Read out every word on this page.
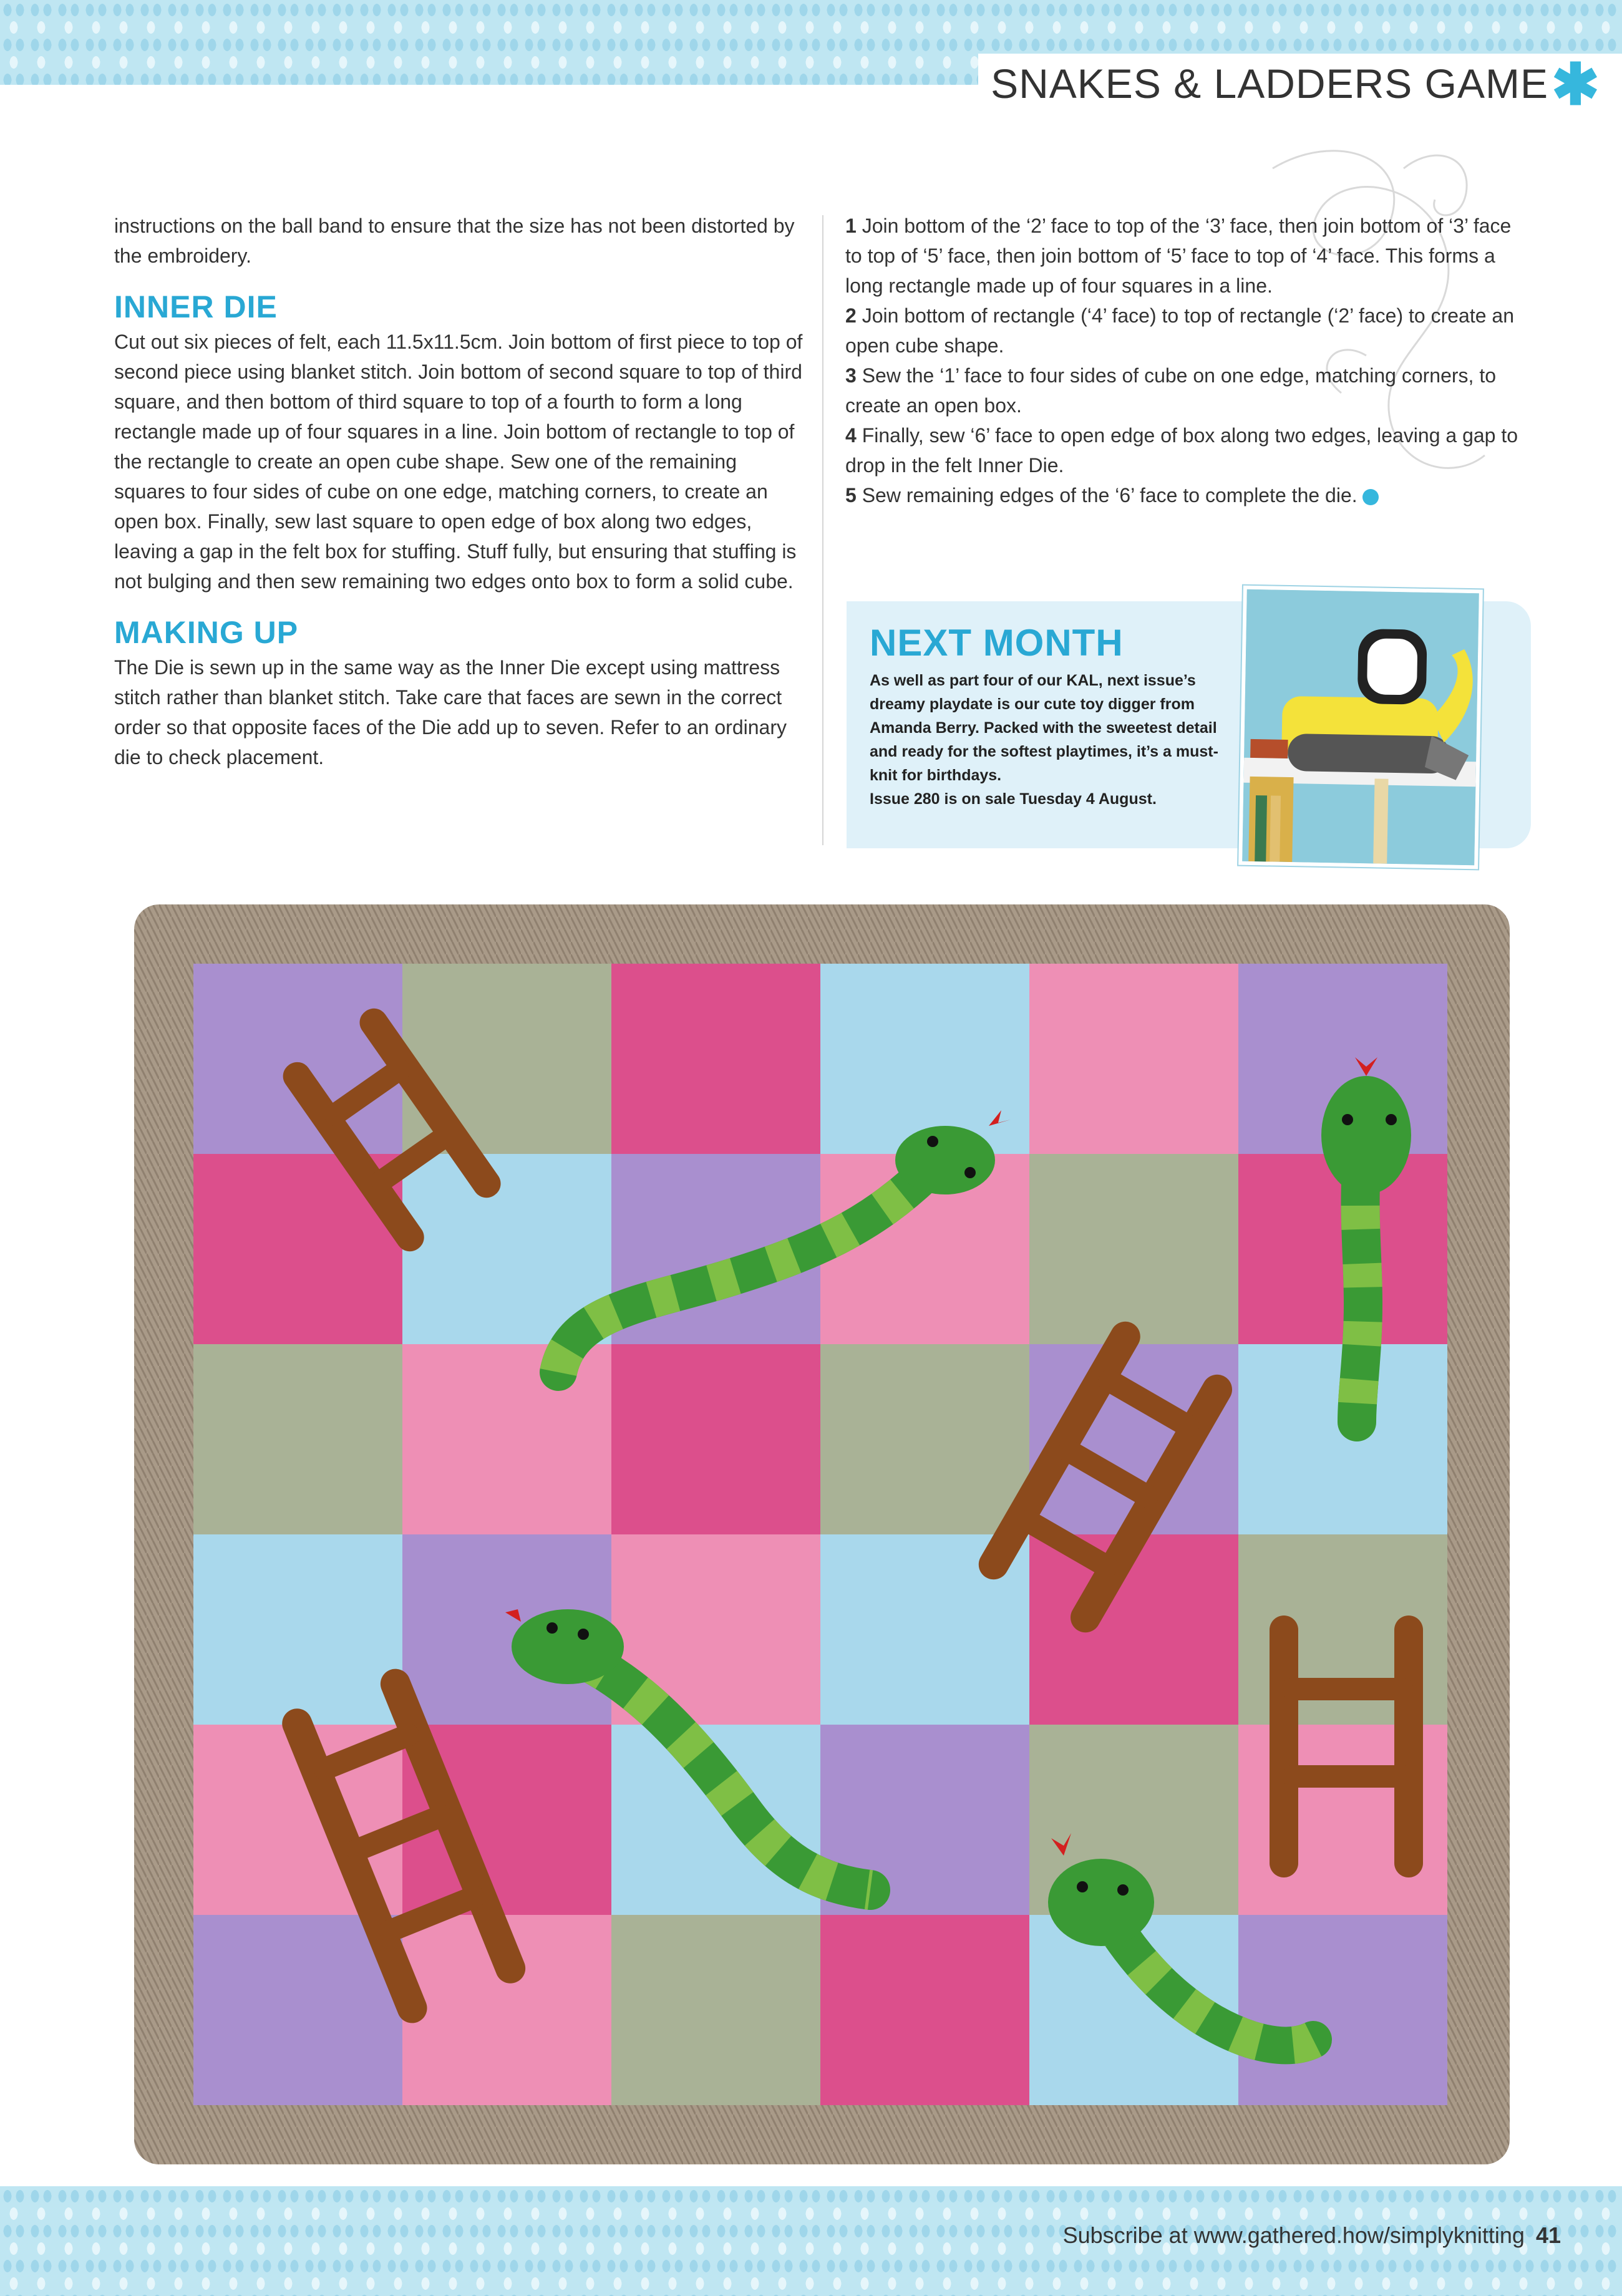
SNAKES & LADDERS GAME ✱

instructions on the ball band to ensure that the size has not been distorted by the embroidery.

INNER DIE

Cut out six pieces of felt, each 11.5x11.5cm. Join bottom of first piece to top of second piece using blanket stitch. Join bottom of second square to top of third square, and then bottom of third square to top of a fourth to form a long rectangle made up of four squares in a line. Join bottom of rectangle to top of the rectangle to create an open cube shape. Sew one of the remaining squares to four sides of cube on one edge, matching corners, to create an open box. Finally, sew last square to open edge of box along two edges, leaving a gap in the felt box for stuffing. Stuff fully, but ensuring that stuffing is not bulging and then sew remaining two edges onto box to form a solid cube.

MAKING UP

The Die is sewn up in the same way as the Inner Die except using mattress stitch rather than blanket stitch. Take care that faces are sewn in the correct order so that opposite faces of the Die add up to seven. Refer to an ordinary die to check placement.

1 Join bottom of the ‘2’ face to top of the ‘3’ face, then join bottom of ‘3’ face to top of ‘5’ face, then join bottom of ‘5’ face to top of ‘4’ face. This forms a long rectangle made up of four squares in a line.

2 Join bottom of rectangle (‘4’ face) to top of rectangle (‘2’ face) to create an open cube shape.

3 Sew the ‘1’ face to four sides of cube on one edge, matching corners, to create an open box.

4 Finally, sew ‘6’ face to open edge of box along two edges, leaving a gap to drop in the felt Inner Die.

5 Sew remaining edges of the ‘6’ face to complete the die.

NEXT MONTH
As well as part four of our KAL, next issue’s dreamy playdate is our cute toy digger from Amanda Berry. Packed with the sweetest detail and ready for the softest playtimes, it’s a must-knit for birthdays.
Issue 280 is on sale Tuesday 4 August.
Subscribe at www.gathered.how/simplyknitting 41
